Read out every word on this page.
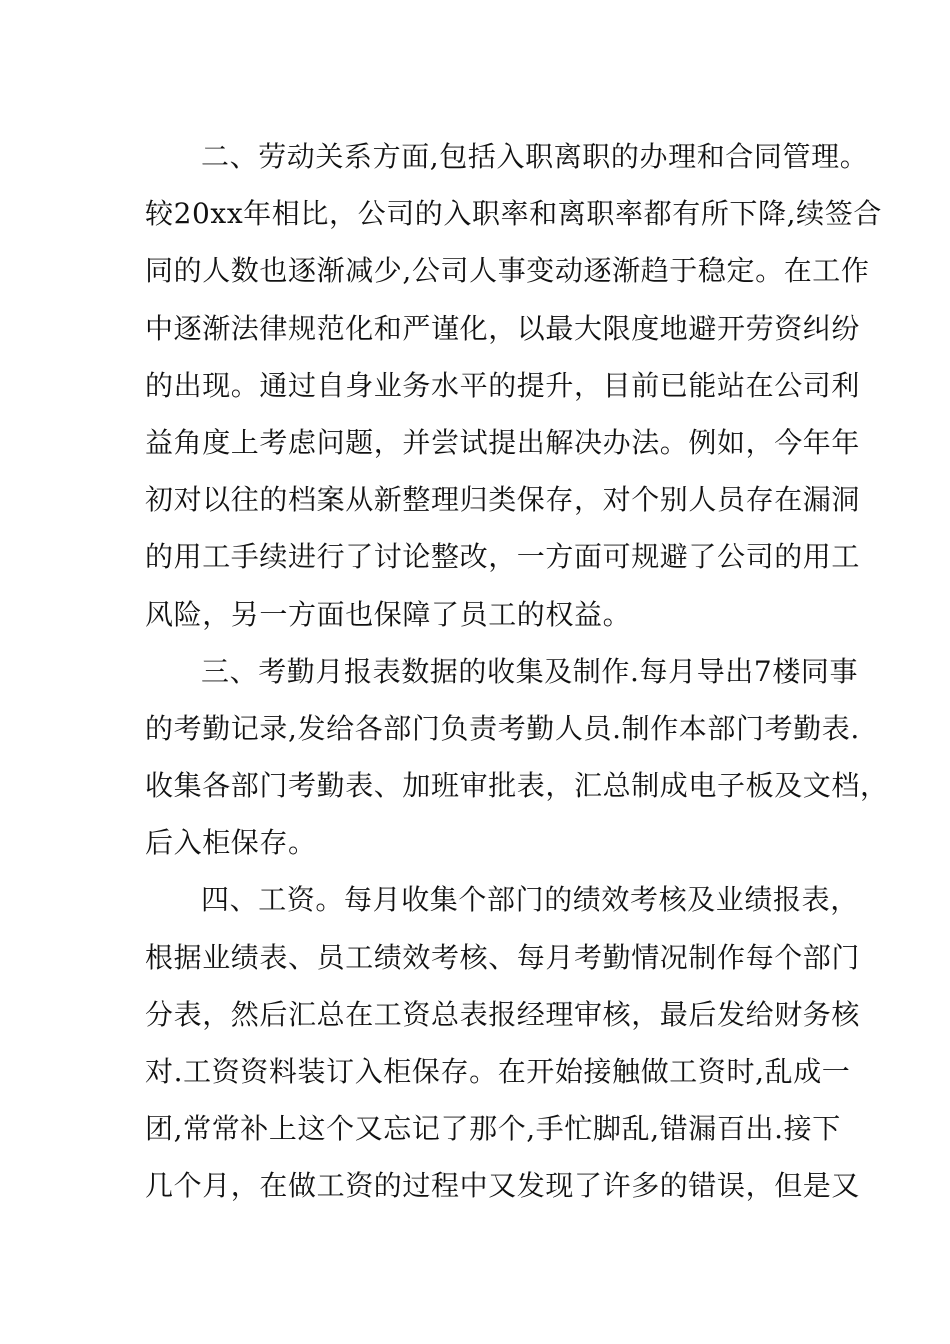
二、劳动关系方面,包括入职离职的办理和合同管理。
较20xx年相比，公司的入职率和离职率都有所下降,续签合
同的人数也逐渐减少,公司人事变动逐渐趋于稳定。在工作
中逐渐法律规范化和严谨化，以最大限度地避开劳资纠纷
的出现。通过自身业务水平的提升，目前已能站在公司利
益角度上考虑问题，并尝试提出解决办法。例如，今年年
初对以往的档案从新整理归类保存，对个别人员存在漏洞
的用工手续进行了讨论整改，一方面可规避了公司的用工
风险，另一方面也保障了员工的权益。
三、考勤月报表数据的收集及制作.每月导出7楼同事
的考勤记录,发给各部门负责考勤人员.制作本部门考勤表.
收集各部门考勤表、加班审批表，汇总制成电子板及文档，
后入柜保存。
四、工资。每月收集个部门的绩效考核及业绩报表，
根据业绩表、员工绩效考核、每月考勤情况制作每个部门
分表，然后汇总在工资总表报经理审核，最后发给财务核
对.工资资料装订入柜保存。在开始接触做工资时,乱成一
团,常常补上这个又忘记了那个,手忙脚乱,错漏百出.接下
几个月，在做工资的过程中又发现了许多的错误，但是又
